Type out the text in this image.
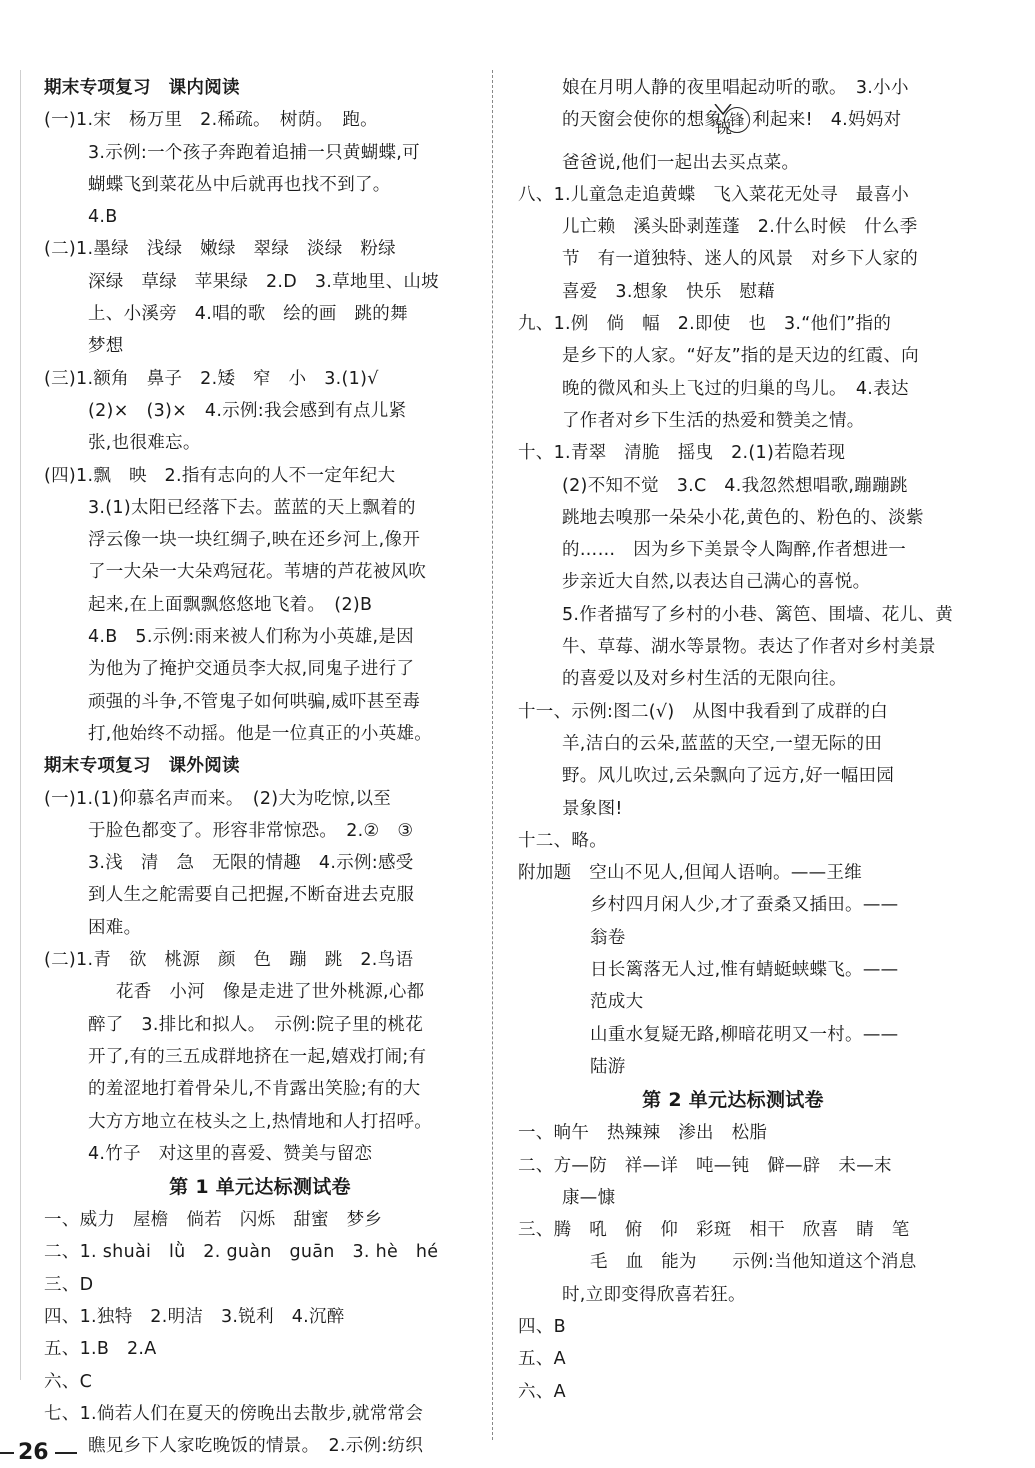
期末专项复习　课内阅读
(一)1.宋　杨万里　2.稀疏。　树荫。　跑。
3.示例:一个孩子奔跑着追捕一只黄蝴蝶,可
蝴蝶飞到菜花丛中后就再也找不到了。
4.B
(二)1.墨绿　浅绿　嫩绿　翠绿　淡绿　粉绿
深绿　草绿　苹果绿　2.D　3.草地里、山坡
上、小溪旁　4.唱的歌　绘的画　跳的舞
梦想
(三)1.额角　鼻子　2.矮　窄　小　3.(1)√
(2)×　(3)×　4.示例:我会感到有点儿紧
张,也很难忘。
(四)1.飘　映　2.指有志向的人不一定年纪大
3.(1)太阳已经落下去。蓝蓝的天上飘着的
浮云像一块一块红绸子,映在还乡河上,像开
了一大朵一大朵鸡冠花。苇塘的芦花被风吹
起来,在上面飘飘悠悠地飞着。　(2)B
4.B　5.示例:雨来被人们称为小英雄,是因
为他为了掩护交通员李大叔,同鬼子进行了
顽强的斗争,不管鬼子如何哄骗,威吓甚至毒
打,他始终不动摇。他是一位真正的小英雄。
期末专项复习　课外阅读
(一)1.(1)仰慕名声而来。　(2)大为吃惊,以至
于脸色都变了。形容非常惊恐。　2.②　③
3.浅　清　急　无限的情趣　4.示例:感受
到人生之舵需要自己把握,不断奋进去克服
困难。
(二)1.青　欲　桃源　颜　色　蹦　跳　2.鸟语
花香　小河　像是走进了世外桃源,心都
醉了　3.排比和拟人。　示例:院子里的桃花
开了,有的三五成群地挤在一起,嬉戏打闹;有
的羞涩地打着骨朵儿,不肯露出笑脸;有的大
大方方地立在枝头之上,热情地和人打招呼。
4.竹子　对这里的喜爱、赞美与留恋
第 1 单元达标测试卷
一、威力　屋檐　倘若　闪烁　甜蜜　梦乡
二、1. shuài　lǜ　2. guàn　guān　3. hè　hé
三、D
四、1.独特　2.明洁　3.锐利　4.沉醉
五、1.B　2.A
六、C
七、1.倘若人们在夏天的傍晚出去散步,就常常会
瞧见乡下人家吃晚饭的情景。　2.示例:纺织
娘在月明人静的夜里唱起动听的歌。　3.小小
的天窗会使你的想象 锋 利起来!　4.妈妈对
锐
爸爸说,他们一起出去买点菜。
八、1.儿童急走追黄蝶　飞入菜花无处寻　最喜小
儿亡赖　溪头卧剥莲蓬　2.什么时候　什么季
节　有一道独特、迷人的风景　对乡下人家的
喜爱　3.想象　快乐　慰藉
九、1.例　倘　幅　2.即使　也　3.“他们”指的
是乡下的人家。“好友”指的是天边的红霞、向
晚的微风和头上飞过的归巢的鸟儿。　4.表达
了作者对乡下生活的热爱和赞美之情。
十、1.青翠　清脆　摇曳　2.(1)若隐若现
(2)不知不觉　3.C　4.我忽然想唱歌,蹦蹦跳
跳地去嗅那一朵朵小花,黄色的、粉色的、淡紫
的……　因为乡下美景令人陶醉,作者想进一
步亲近大自然,以表达自己满心的喜悦。
5.作者描写了乡村的小巷、篱笆、围墙、花儿、黄
牛、草莓、湖水等景物。表达了作者对乡村美景
的喜爱以及对乡村生活的无限向往。
十一、示例:图二(√)　从图中我看到了成群的白
羊,洁白的云朵,蓝蓝的天空,一望无际的田
野。风儿吹过,云朵飘向了远方,好一幅田园
景象图!
十二、略。
附加题　空山不见人,但闻人语响。——王维
乡村四月闲人少,才了蚕桑又插田。——
翁卷
日长篱落无人过,惟有蜻蜓蛱蝶飞。——
范成大
山重水复疑无路,柳暗花明又一村。——
陆游
第 2 单元达标测试卷
一、晌午　热辣辣　渗出　松脂
二、方—防　祥—详　吨—钝　僻—辟　未—末
康—慷
三、腾　吼　俯　仰　彩斑　相干　欣喜　睛　笔
毛　血　能为　　示例:当他知道这个消息
时,立即变得欣喜若狂。
四、B
五、A
六、A
26
